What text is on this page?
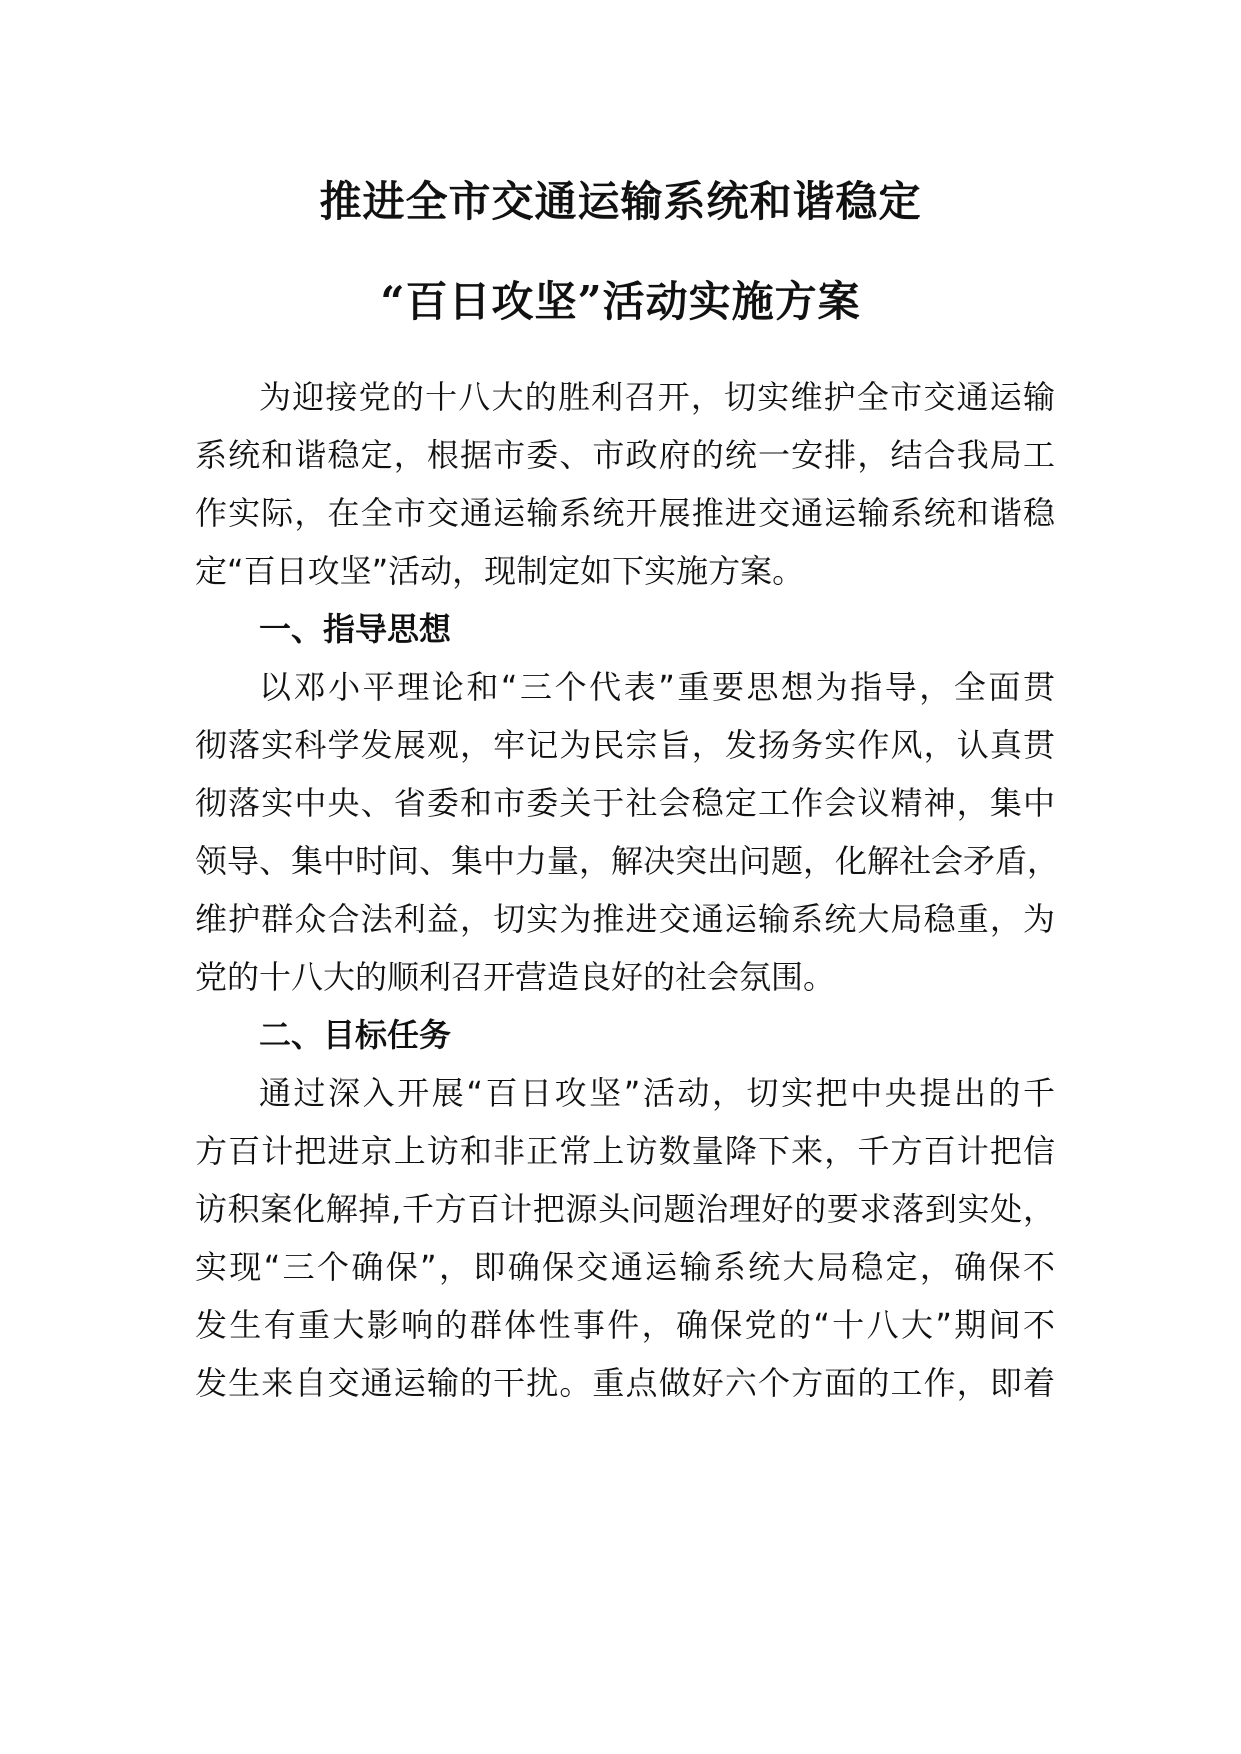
推进全市交通运输系统和谐稳定
“百日攻坚”活动实施方案

为迎接党的十八大的胜利召开，切实维护全市交通运输

系统和谐稳定，根据市委、市政府的统一安排，结合我局工

作实际，在全市交通运输系统开展推进交通运输系统和谐稳

定“百日攻坚”活动，现制定如下实施方案。

一、指导思想

以邓小平理论和“三个代表”重要思想为指导，全面贯

彻落实科学发展观，牢记为民宗旨，发扬务实作风，认真贯

彻落实中央、省委和市委关于社会稳定工作会议精神，集中

领导、集中时间、集中力量，解决突出问题，化解社会矛盾，

维护群众合法利益，切实为推进交通运输系统大局稳重，为

党的十八大的顺利召开营造良好的社会氛围。

二、目标任务

通过深入开展“百日攻坚”活动，切实把中央提出的千

方百计把进京上访和非正常上访数量降下来，千方百计把信

访积案化解掉,千方百计把源头问题治理好的要求落到实处，

实现“三个确保”，即确保交通运输系统大局稳定，确保不

发生有重大影响的群体性事件，确保党的“十八大”期间不

发生来自交通运输的干扰。重点做好六个方面的工作，即着
